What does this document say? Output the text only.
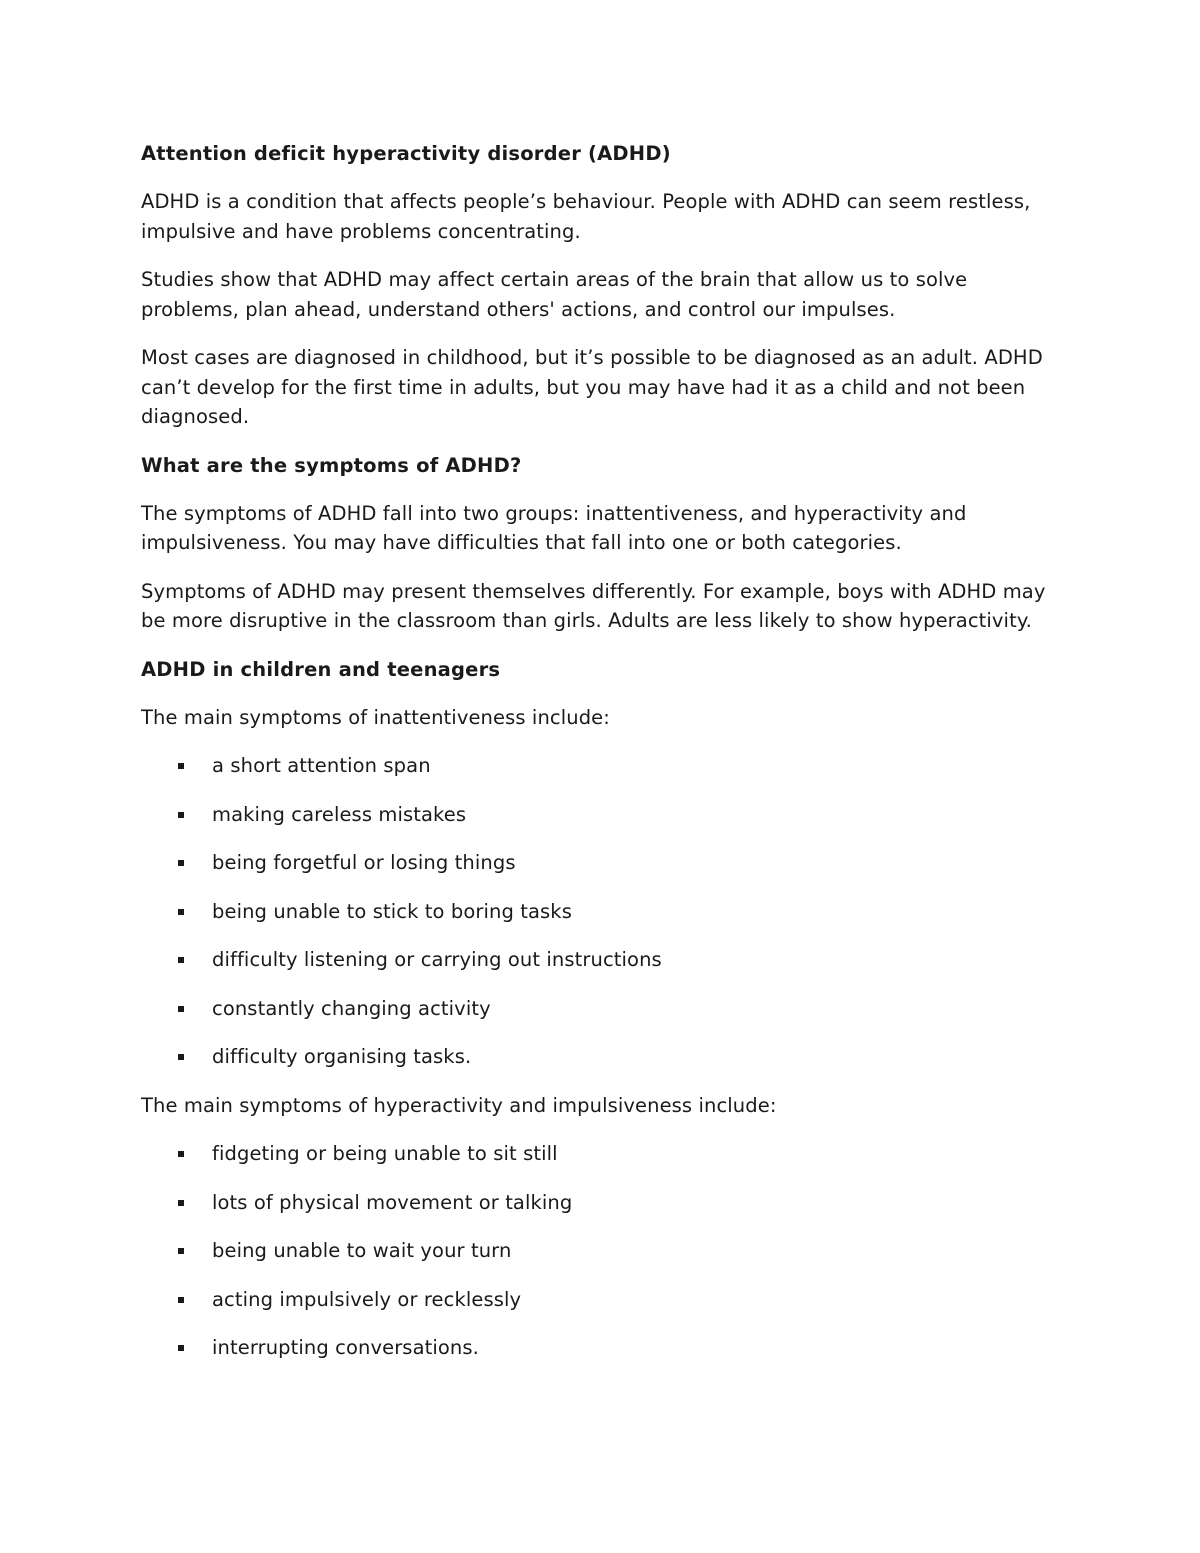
Attention deficit hyperactivity disorder (ADHD)

ADHD is a condition that affects people’s behaviour. People with ADHD can seem restless, impulsive and have problems concentrating.

Studies show that ADHD may affect certain areas of the brain that allow us to solve problems, plan ahead, understand others' actions, and control our impulses.

Most cases are diagnosed in childhood, but it’s possible to be diagnosed as an adult. ADHD can’t develop for the first time in adults, but you may have had it as a child and not been diagnosed.

What are the symptoms of ADHD?

The symptoms of ADHD fall into two groups: inattentiveness, and hyperactivity and impulsiveness. You may have difficulties that fall into one or both categories.

Symptoms of ADHD may present themselves differently. For example, boys with ADHD may be more disruptive in the classroom than girls. Adults are less likely to show hyperactivity.

ADHD in children and teenagers

The main symptoms of inattentiveness include:

a short attention span
making careless mistakes
being forgetful or losing things
being unable to stick to boring tasks
difficulty listening or carrying out instructions
constantly changing activity
difficulty organising tasks.

The main symptoms of hyperactivity and impulsiveness include:

fidgeting or being unable to sit still
lots of physical movement or talking
being unable to wait your turn
acting impulsively or recklessly
interrupting conversations.
